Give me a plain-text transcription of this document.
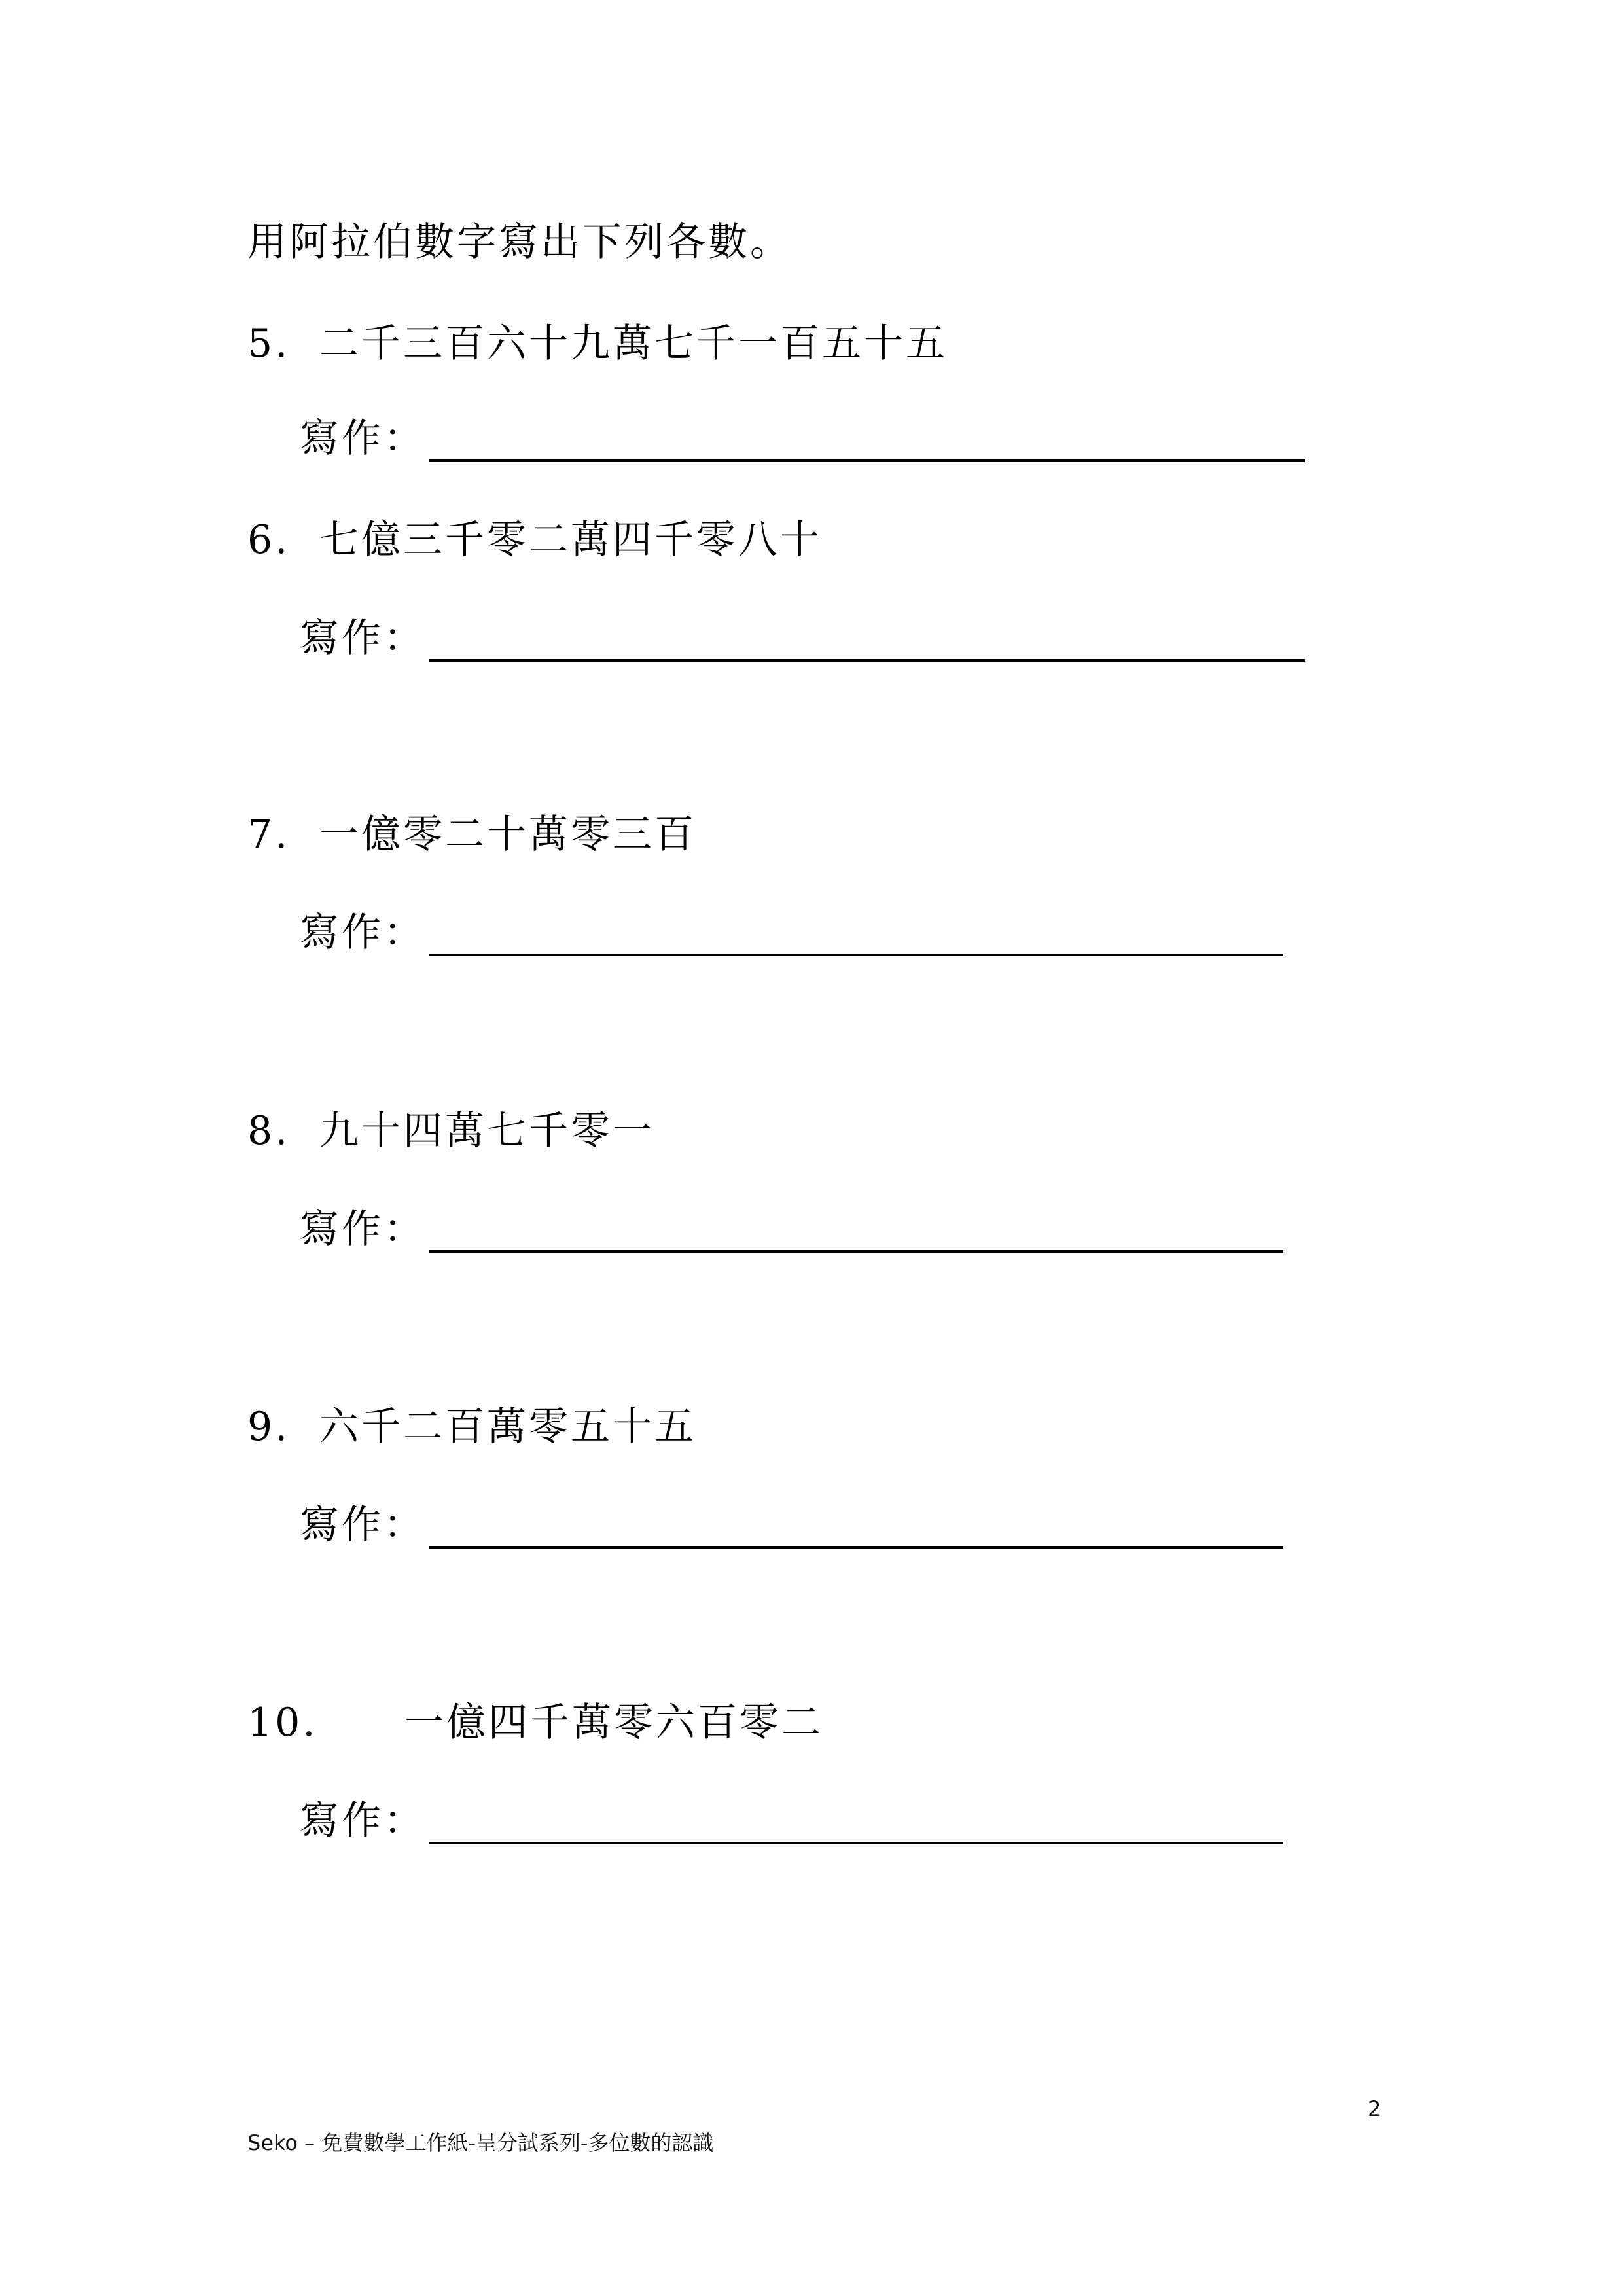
用阿拉伯數字寫出下列各數。
5. 二千三百六十九萬七千一百五十五
寫作：
6. 七億三千零二萬四千零八十
寫作：
7. 一億零二十萬零三百
寫作：
8. 九十四萬七千零一
寫作：
9. 六千二百萬零五十五
寫作：
10. 一億四千萬零六百零二
寫作：
2
Seko – 免費數學工作紙-呈分試系列-多位數的認識
